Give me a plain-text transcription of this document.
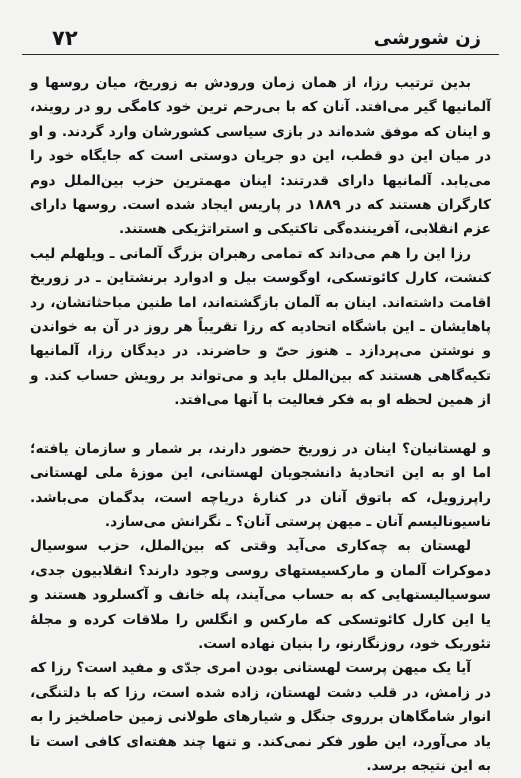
۷۲	زن شورشی

بدین ترتیب رزا، از همان زمان ورودش به زوریخ، میان روسها و آلمانیها گیر می‌افتد. آنان که با بی‌رحم ترین خود کامگی رو در رویند، و اینان که موفق شده‌اند در بازی سیاسی کشورشان وارد گردند. و او در میان این دو قطب، این دو جریان دوستی است که جایگاه خود را می‌یابد. آلمانیها دارای قدرتند: اینان مهمترین حزب بین‌الملل دوم کارگران هستند که در ۱۸۸۹ در پاریس ایجاد شده است. روسها دارای عزم انقلابی، آفریننده‌گی تاکتیکی و استراتژیکی هستند.

رزا این را هم می‌داند که تمامی رهبران بزرگ آلمانی ـ ویلهلم لیب کنشت، کارل کائوتسکی، اوگوست بیل و ادوارد برنشتاین ـ در زوریخ اقامت داشته‌اند. اینان به آلمان بازگشته‌اند، اما طنین مباحثاتشان، رد پاهایشان ـ این باشگاه اتحادیه که رزا تقریباً هر روز در آن به خواندن و نوشتن می‌پردازد ـ هنوز حیّ و حاضرند. در دیدگان رزا، آلمانیها تکیه‌گاهی هستند که بین‌الملل باید و می‌تواند بر رویش حساب کند. و از همین لحظه او به فکر فعالیت با آنها می‌افتد.

و لهستانیان؟ اینان در زوریخ حضور دارند، بر شمار و سازمان یافته؛ اما او به این اتحادیهٔ دانشجویان لهستانی، این موزهٔ ملی لهستانی راپرزویل، که باتوق آنان در کنارهٔ دریاچه است، بدگمان می‌باشد. ناسیونالیسم آنان ـ میهن پرستی آنان؟ ـ نگرانش می‌سازد.

لهستان به چه‌کاری می‌آید وقتی که بین‌الملل، حزب سوسیال دموکرات آلمان و مارکسیستهای روسی وجود دارند؟ انقلابیون جدی، سوسیالیستهایی که به حساب می‌آیند، پله خانف و آکسلرود هستند و یا این کارل کائوتسکی که مارکس و انگلس را ملاقات کرده و مجلهٔ تئوریک خود، روزنگارنو، را بنیان نهاده است.

آیا یک میهن پرست لهستانی بودن امری جدّی و مفید است؟ رزا که در زامش، در قلب دشت لهستان، زاده شده است، رزا که با دلتنگی، انوار شامگاهان برروی جنگل و شیارهای طولانی زمین حاصلخیز را به یاد می‌آورد، این طور فکر نمی‌کند. و تنها چند هفته‌ای کافی است تا به این نتیجه برسد.
